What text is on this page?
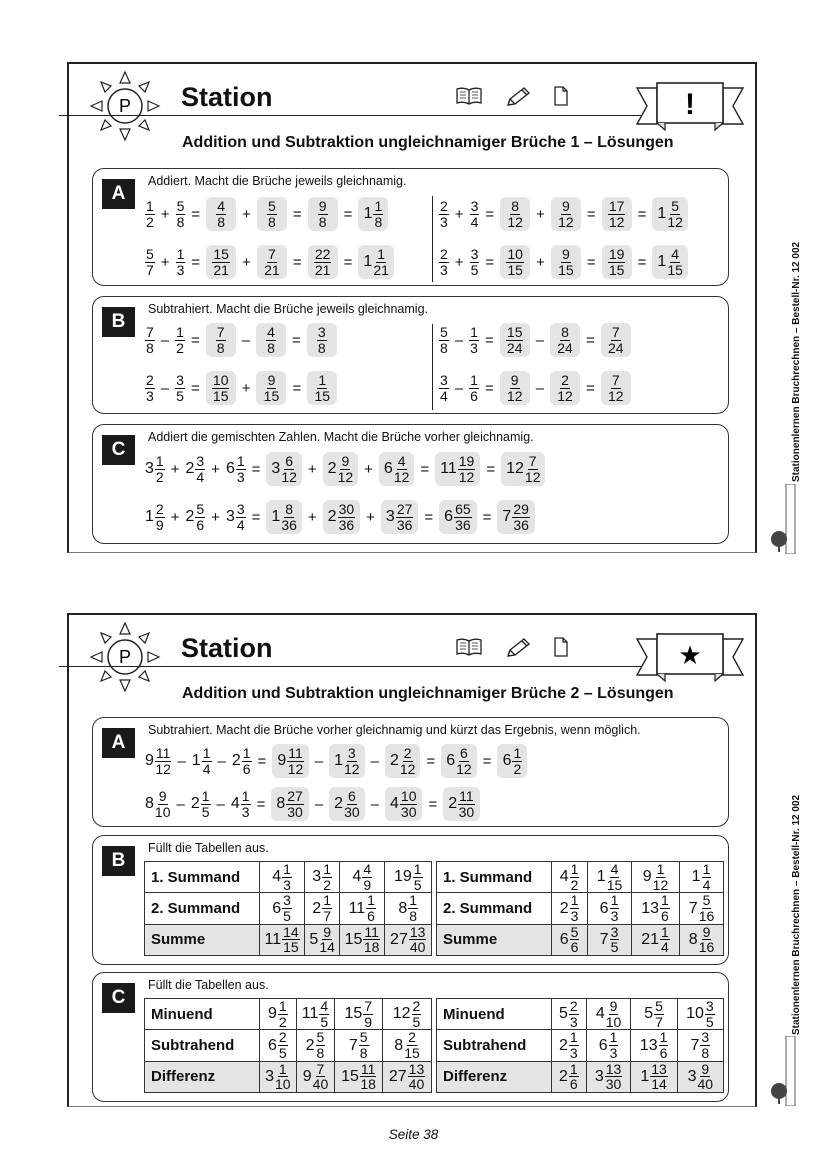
P Station	!
Addition und Subtraktion ungleichnamiger Brüche 1 – Lösungen
A
Addiert. Macht die Brüche jeweils gleichnamig.
$\frac{1}{2} + \frac{5}{8} = \frac{4}{8} + \frac{5}{8} = \frac{9}{8} = 1 \frac{1}{8}$	$\frac{2}{3} + \frac{3}{4} = \frac{8}{12} + \frac{9}{12} = \frac{17}{12} = 1 \frac{5}{12}$
$\frac{5}{7} + \frac{1}{3} = \frac{15}{21} + \frac{7}{21} = \frac{22}{21} = 1 \frac{1}{21}$	$\frac{2}{3} + \frac{3}{5} = \frac{10}{15} + \frac{9}{15} = \frac{19}{15} = 1 \frac{4}{15}$
B
Subtrahiert. Macht die Brüche jeweils gleichnamig.
$\frac{7}{8} - \frac{1}{2} = \frac{7}{8} - \frac{4}{8} = \frac{3}{8}$	$\frac{5}{8} - \frac{1}{3} = \frac{15}{24} - \frac{8}{24} = \frac{7}{24}$
$\frac{2}{3} - \frac{3}{5} = \frac{10}{15} + \frac{9}{15} = \frac{1}{15}$	$\frac{3}{4} - \frac{1}{6} = \frac{9}{12} - \frac{2}{12} = \frac{7}{12}$
C
Addiert die gemischten Zahlen. Macht die Brüche vorher gleichnamig.
$3 \frac{1}{2} + 2 \frac{3}{4} + 6 \frac{1}{3} = 3 \frac{6}{12} + 2 \frac{9}{12} + 6 \frac{4}{12} = 11 \frac{19}{12} = 12 \frac{7}{12}$
$1 \frac{2}{9} + 2 \frac{5}{6} + 3 \frac{3}{4} = 1 \frac{8}{36} + 2 \frac{30}{36} + 3 \frac{27}{36} = 6 \frac{65}{36} = 7 \frac{29}{36}$
P Station	★
Addition und Subtraktion ungleichnamiger Brüche 2 – Lösungen
A
Subtrahiert. Macht die Brüche vorher gleichnamig und kürzt das Ergebnis, wenn möglich.
$9 \frac{11}{12} - 1 \frac{1}{4} - 2 \frac{1}{6} = 9 \frac{11}{12} - 1 \frac{3}{12} - 2 \frac{2}{12} = 6 \frac{6}{12} = 6 \frac{1}{2}$
$8 \frac{9}{10} - 2 \frac{1}{5} - 4 \frac{1}{3} = 8 \frac{27}{30} - 2 \frac{6}{30} - 4 \frac{10}{30} = 2 \frac{11}{30}$
B
Füllt die Tabellen aus.
1. Summand	$4 \frac{1}{3}$	$3 \frac{1}{2}$	$4 \frac{4}{9}$	$19 \frac{1}{5}$

2. Summand	$6 \frac{3}{5}$	$2 \frac{1}{7}$	$11 \frac{1}{6}$	$8 \frac{1}{8}$

Summe	$11 \frac{14}{15}$	$5 \frac{9}{14}$	$15 \frac{11}{18}$	$27 \frac{13}{40}$
1. Summand	$4 \frac{1}{2}$	$1 \frac{4}{15}$	$9 \frac{1}{12}$	$1 \frac{1}{4}$

2. Summand	$2 \frac{1}{3}$	$6 \frac{1}{3}$	$13 \frac{1}{6}$	$7 \frac{5}{16}$

Summe	$6 \frac{5}{6}$	$7 \frac{3}{5}$	$21 \frac{1}{4}$	$8 \frac{9}{16}$
C
Füllt die Tabellen aus.
Minuend	$9 \frac{1}{2}$	$11 \frac{4}{5}$	$15 \frac{7}{9}$	$12 \frac{2}{5}$

Subtrahend	$6 \frac{2}{5}$	$2 \frac{5}{8}$	$7 \frac{5}{8}$	$8 \frac{2}{15}$

Differenz	$3 \frac{1}{10}$	$9 \frac{7}{40}$	$15 \frac{11}{18}$	$27 \frac{13}{40}$
Minuend	$5 \frac{2}{3}$	$4 \frac{9}{10}$	$5 \frac{5}{7}$	$10 \frac{3}{5}$

Subtrahend	$2 \frac{1}{3}$	$6 \frac{1}{3}$	$13 \frac{1}{6}$	$7 \frac{3}{8}$

Differenz	$2 \frac{1}{6}$	$3 \frac{13}{30}$	$1 \frac{13}{14}$	$3 \frac{9}{40}$
Stationenlernen Bruchrechnen – Bestell-Nr. 12 002
Stationenlernen Bruchrechnen – Bestell-Nr. 12 002
Seite 38
